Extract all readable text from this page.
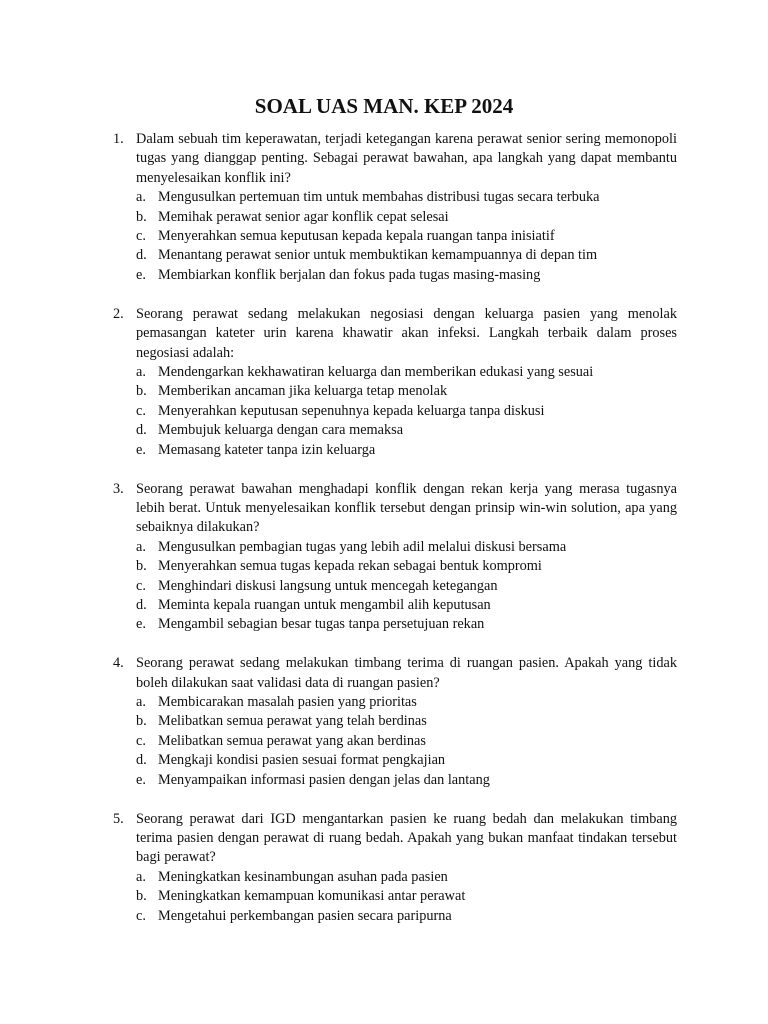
SOAL UAS MAN. KEP 2024
1. Dalam sebuah tim keperawatan, terjadi ketegangan karena perawat senior sering memonopoli tugas yang dianggap penting. Sebagai perawat bawahan, apa langkah yang dapat membantu menyelesaikan konflik ini?

a. Mengusulkan pertemuan tim untuk membahas distribusi tugas secara terbuka
b. Memihak perawat senior agar konflik cepat selesai
c. Menyerahkan semua keputusan kepada kepala ruangan tanpa inisiatif
d. Menantang perawat senior untuk membuktikan kemampuannya di depan tim
e. Membiarkan konflik berjalan dan fokus pada tugas masing-masing
2. Seorang perawat sedang melakukan negosiasi dengan keluarga pasien yang menolak pemasangan kateter urin karena khawatir akan infeksi. Langkah terbaik dalam proses negosiasi adalah:

a. Mendengarkan kekhawatiran keluarga dan memberikan edukasi yang sesuai
b. Memberikan ancaman jika keluarga tetap menolak
c. Menyerahkan keputusan sepenuhnya kepada keluarga tanpa diskusi
d. Membujuk keluarga dengan cara memaksa
e. Memasang kateter tanpa izin keluarga
3. Seorang perawat bawahan menghadapi konflik dengan rekan kerja yang merasa tugasnya lebih berat. Untuk menyelesaikan konflik tersebut dengan prinsip win-win solution, apa yang sebaiknya dilakukan?

a. Mengusulkan pembagian tugas yang lebih adil melalui diskusi bersama
b. Menyerahkan semua tugas kepada rekan sebagai bentuk kompromi
c. Menghindari diskusi langsung untuk mencegah ketegangan
d. Meminta kepala ruangan untuk mengambil alih keputusan
e. Mengambil sebagian besar tugas tanpa persetujuan rekan
4. Seorang perawat sedang melakukan timbang terima di ruangan pasien. Apakah yang tidak boleh dilakukan saat validasi data di ruangan pasien?

a. Membicarakan masalah pasien yang prioritas
b. Melibatkan semua perawat yang telah berdinas
c. Melibatkan semua perawat yang akan berdinas
d. Mengkaji kondisi pasien sesuai format pengkajian
e. Menyampaikan informasi pasien dengan jelas dan lantang
5. Seorang perawat dari IGD mengantarkan pasien ke ruang bedah dan melakukan timbang terima pasien dengan perawat di ruang bedah. Apakah yang bukan manfaat tindakan tersebut bagi perawat?

a. Meningkatkan kesinambungan asuhan pada pasien
b. Meningkatkan kemampuan komunikasi antar perawat
c. Mengetahui perkembangan pasien secara paripurna
